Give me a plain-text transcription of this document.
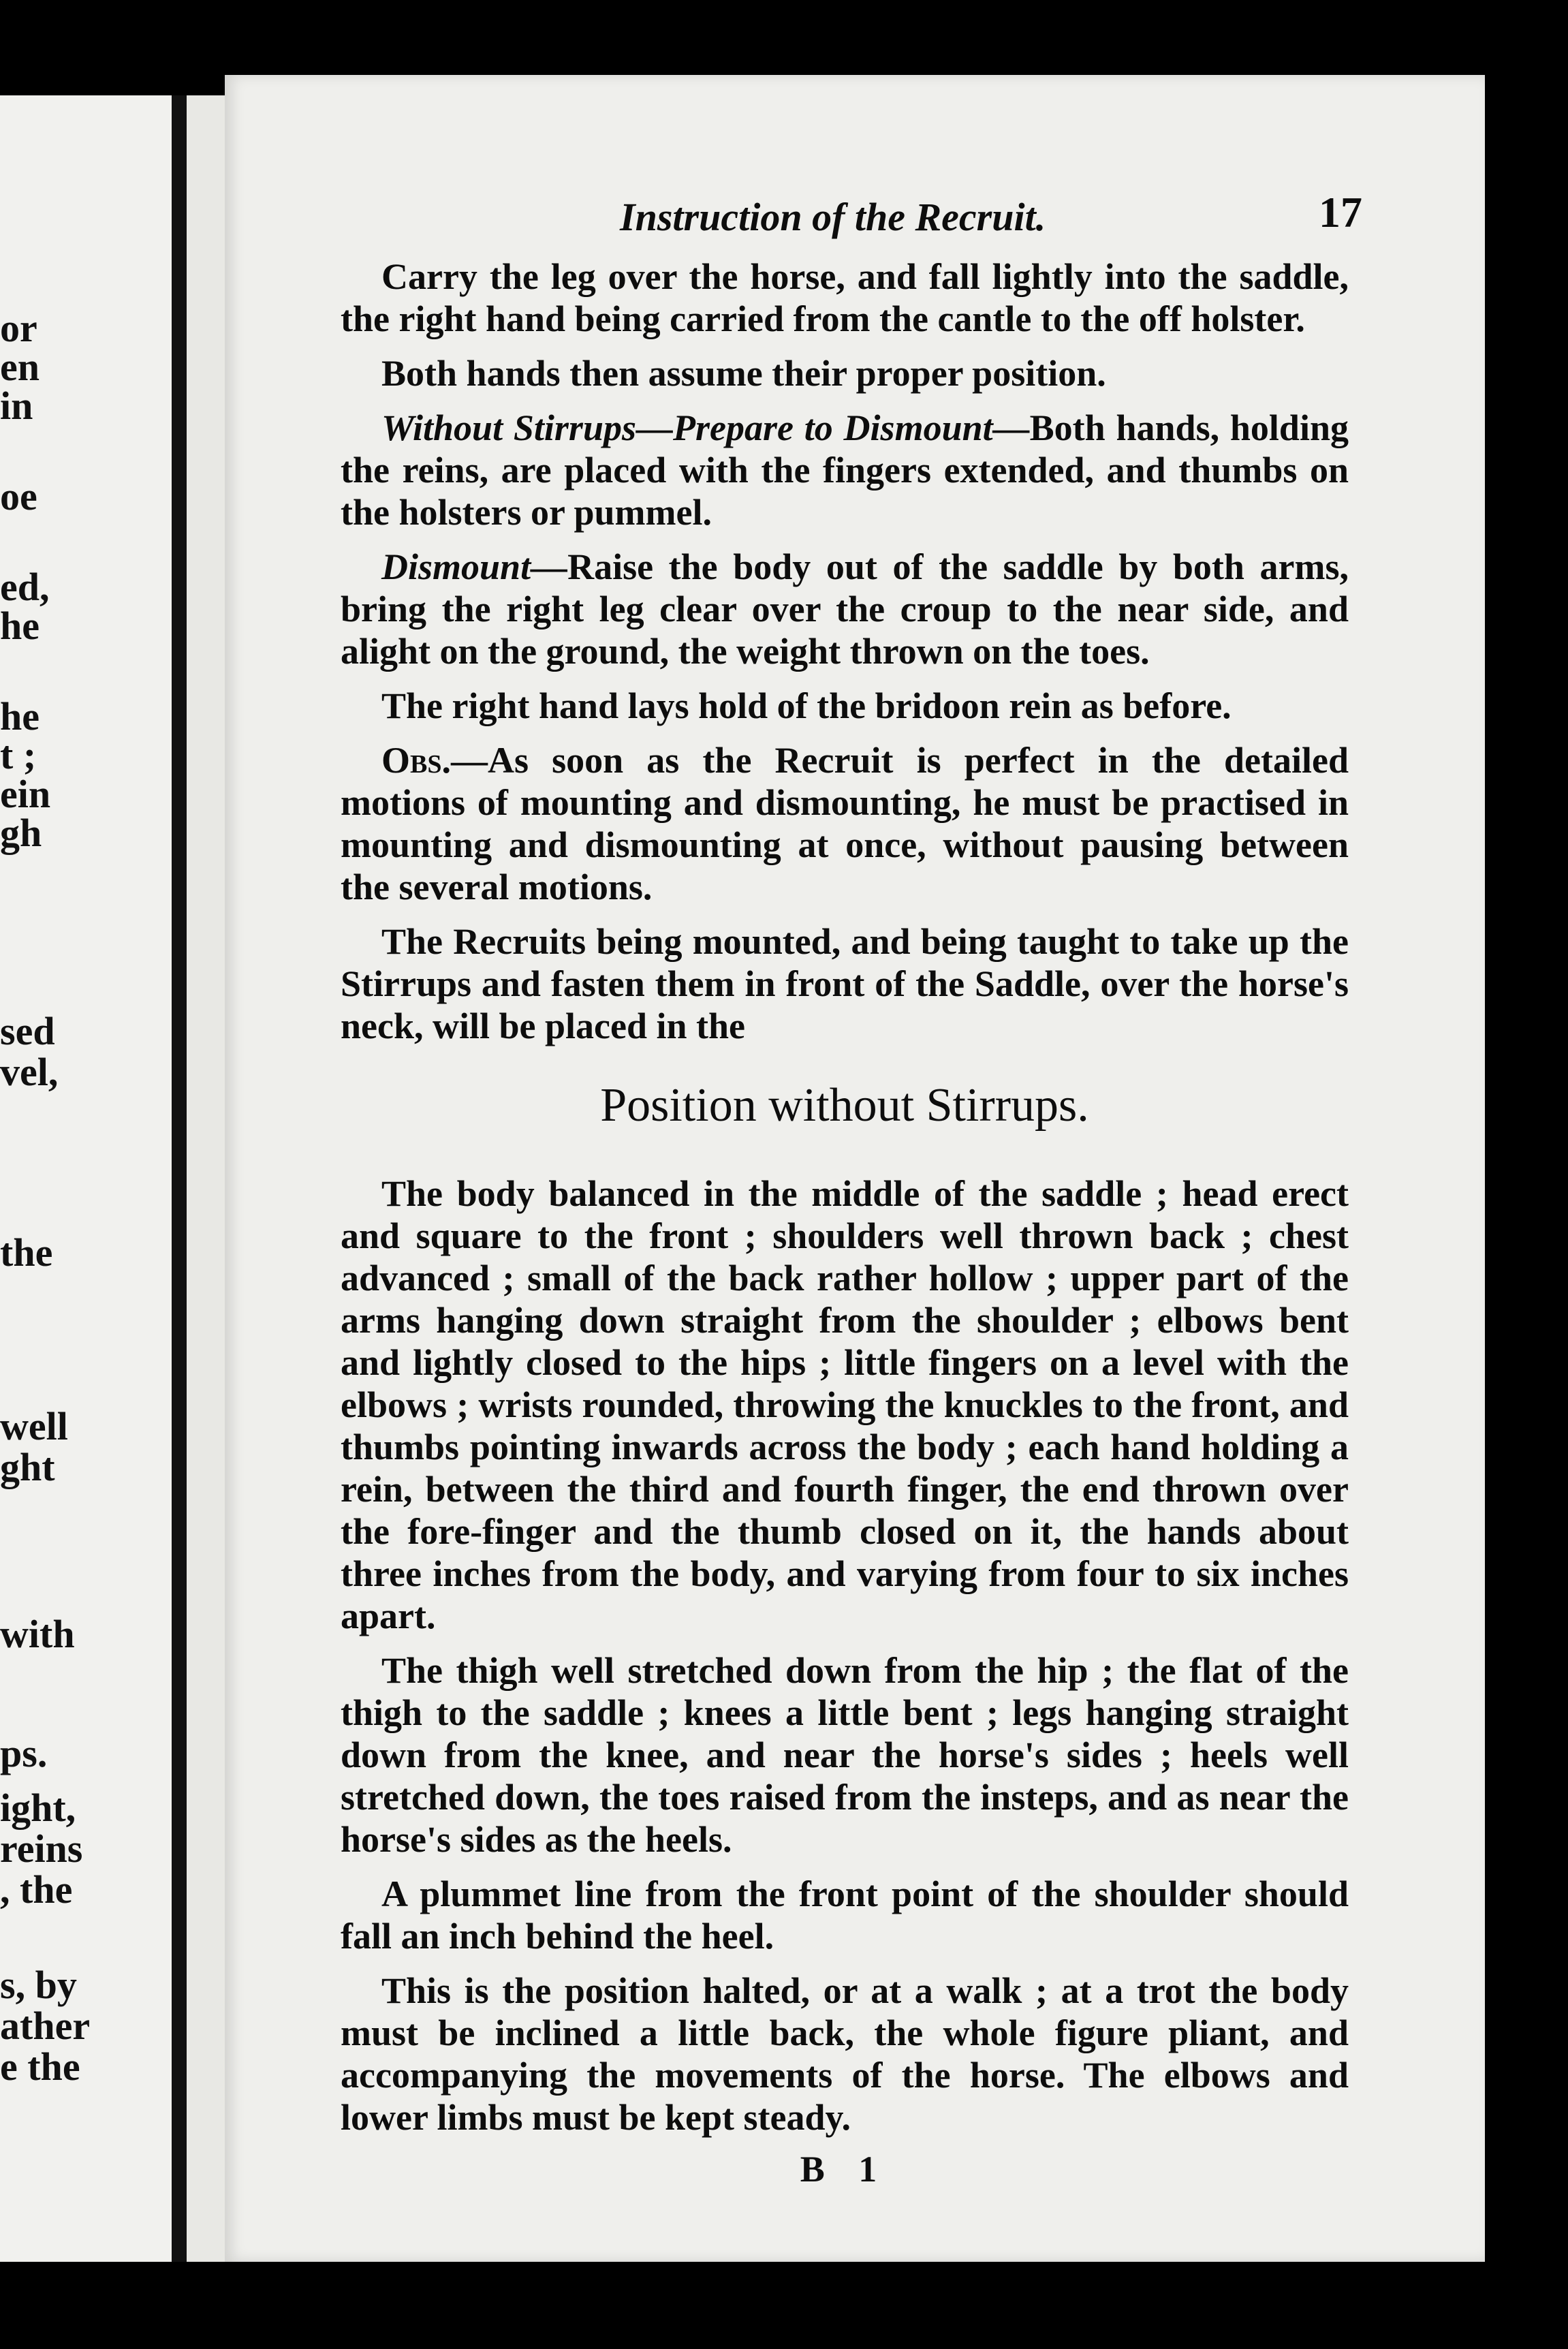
or
en
in
oe
ed,
he
he
t ;
ein
gh
sed
vel,
the
well
ght
with
ps.
ight,
reins
, the
s, by
ather
e the
Instruction of the Recruit.	17

Carry the leg over the horse, and fall lightly into the saddle, the right hand being carried from the cantle to the off holster.

Both hands then assume their proper position.

Without Stirrups—Prepare to Dismount—Both hands, holding the reins, are placed with the fingers extended, and thumbs on the holsters or pummel.

Dismount—Raise the body out of the saddle by both arms, bring the right leg clear over the croup to the near side, and alight on the ground, the weight thrown on the toes.

The right hand lays hold of the bridoon rein as before.

Obs.—As soon as the Recruit is perfect in the detailed motions of mounting and dismounting, he must be practised in mounting and dismounting at once, without pausing between the several motions.

The Recruits being mounted, and being taught to take up the Stirrups and fasten them in front of the Saddle, over the horse's neck, will be placed in the

Position without Stirrups.

The body balanced in the middle of the saddle ; head erect and square to the front ; shoulders well thrown back ; chest advanced ; small of the back rather hollow ; upper part of the arms hanging down straight from the shoulder ; elbows bent and lightly closed to the hips ; little fingers on a level with the elbows ; wrists rounded, throwing the knuckles to the front, and thumbs pointing inwards across the body ; each hand holding a rein, between the third and fourth finger, the end thrown over the fore-finger and the thumb closed on it, the hands about three inches from the body, and varying from four to six inches apart.

The thigh well stretched down from the hip ; the flat of the thigh to the saddle ; knees a little bent ; legs hanging straight down from the knee, and near the horse's sides ; heels well stretched down, the toes raised from the insteps, and as near the horse's sides as the heels.

A plummet line from the front point of the shoulder should fall an inch behind the heel.

This is the position halted, or at a walk ; at a trot the body must be inclined a little back, the whole figure pliant, and accompanying the movements of the horse. The elbows and lower limbs must be kept steady.

B 1
